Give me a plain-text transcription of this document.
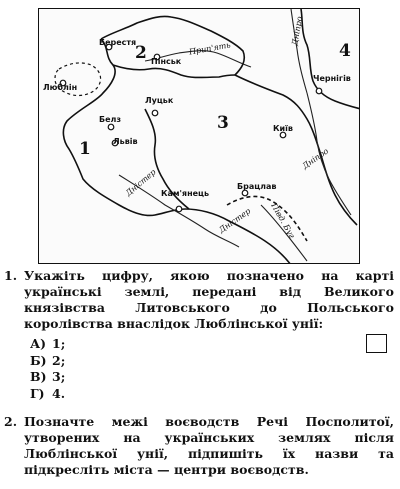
2	4
3
1
Берестя
Пінськ
Чернігів
Люблін
Луцьк
Белз
Київ
Львів
Кам'янець
Брацлав
Прип'ять
Дніпро
Дніпро
Дністер
Дністер Півд. Буг
1. Укажіть цифру, якою позначено на карті українські землі, передані від Великого князівства Литовського до Польського королівства внаслідок Люблінської унії:
А) 1;
Б) 2;
В) 3;
Г) 4.
2. Позначте межі воєводств Речі Посполитої, утворених на українських землях після Люблінської унії, підпишіть їх назви та підкресліть міста — центри воєводств.
